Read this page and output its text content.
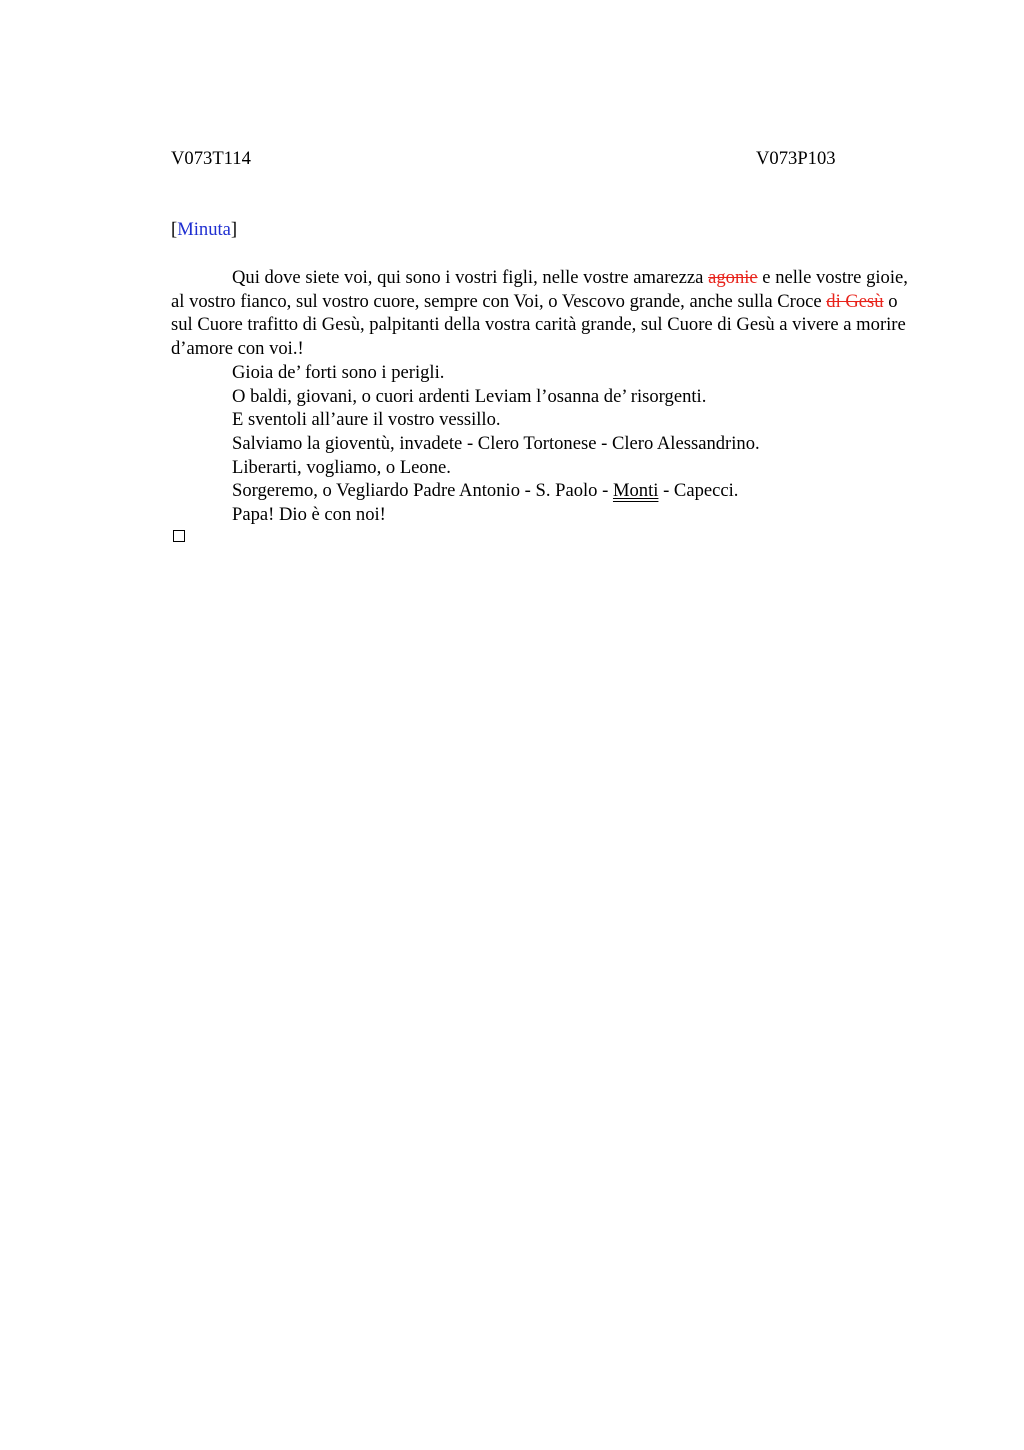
V073T114	V073P103
[Minuta]

Qui dove siete voi, qui sono i vostri figli, nelle vostre amarezza agonie e nelle vostre gioie, al vostro fianco, sul vostro cuore, sempre con Voi, o Vescovo grande, anche sulla Croce di Gesù o sul Cuore trafitto di Gesù, palpitanti della vostra carità grande, sul Cuore di Gesù a vivere a morire d’amore con voi.!

Gioia de’ forti sono i perigli.

O baldi, giovani, o cuori ardenti Leviam l’osanna de’ risorgenti.

E sventoli all’aure il vostro vessillo.

Salviamo la gioventù, invadete - Clero Tortonese - Clero Alessandrino.

Liberarti, vogliamo, o Leone.

Sorgeremo, o Vegliardo Padre Antonio - S. Paolo - Monti - Capecci.

Papa! Dio è con noi!
